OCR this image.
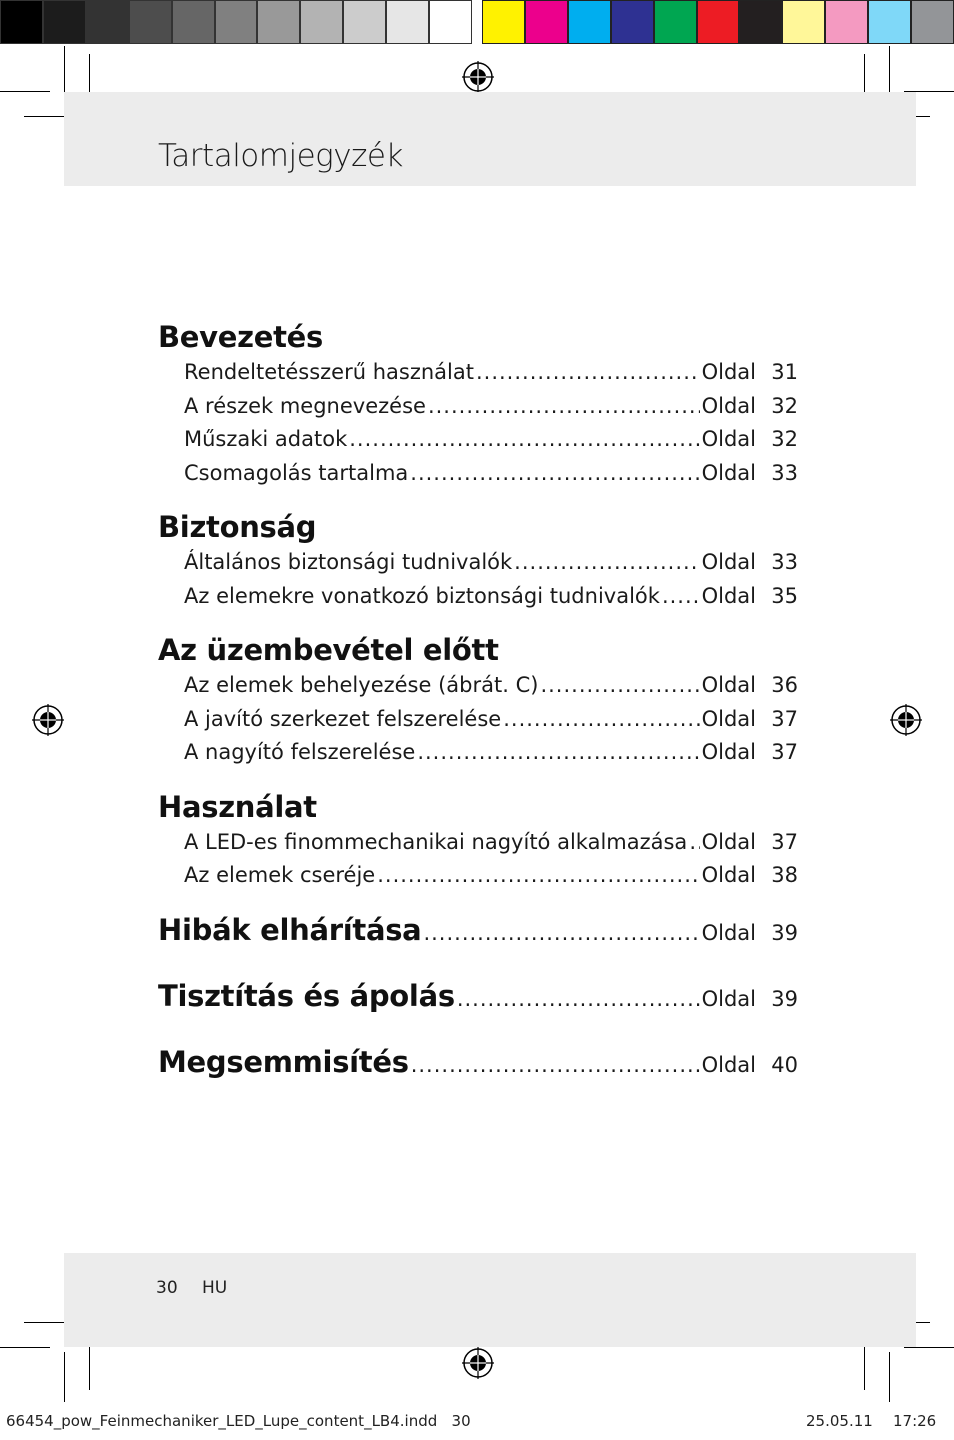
Tartalomjegyzék
Bevezetés
Rendeltetésszerű használat .....	Oldal 31
A részek megnevezése .....	Oldal 32
Műszaki adatok .....	Oldal 32
Csomagolás tartalma .....	Oldal 33
Biztonság
Általános biztonsági tudnivalók .....	Oldal 33
Az elemekre vonatkozó biztonsági tudnivalók ..... Oldal 35
Az üzembevétel előtt
Az elemek behelyezése (ábrát. C) .....	Oldal 36
A javító szerkezet felszerelése .....	Oldal 37
A nagyító felszerelése .....	Oldal 37
Használat
A LED-es finommechanikai nagyító alkalmazása ..... Oldal 37
Az elemek cseréje .....	Oldal 38
Hibák elhárítása .....	Oldal 39
Tisztítás és ápolás .....	Oldal 39
Megsemmisítés .....	Oldal 40
30 HU
66454_pow_Feinmechaniker_LED_Lupe_content_LB4.indd   30	25.05.11 17:26
